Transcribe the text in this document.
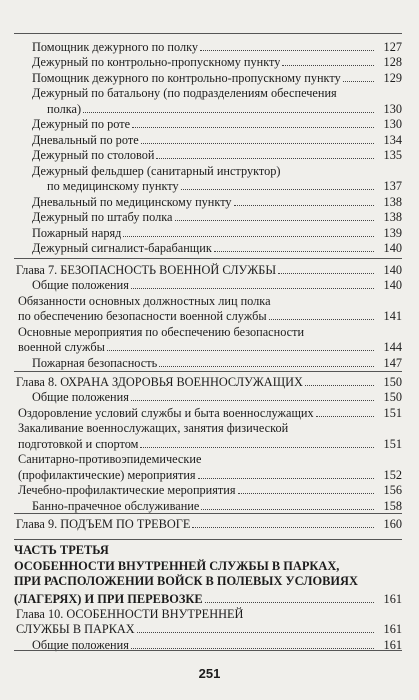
Помощник дежурного по полку	127
Дежурный по контрольно-пропускному пункту	128
Помощник дежурного по контрольно-пропускному пункту	129
Дежурный по батальону (по подразделениям обеспечения
полка)	130
Дежурный по роте	130
Дневальный по роте	134
Дежурный по столовой	135
Дежурный фельдшер (санитарный инструктор)
по медицинскому пункту	137
Дневальный по медицинскому пункту	138
Дежурный по штабу полка	138
Пожарный наряд	139
Дежурный сигналист-барабанщик	140
Глава 7. БЕЗОПАСНОСТЬ ВОЕННОЙ СЛУЖБЫ	140
Общие положения	140
Обязанности основных должностных лиц полка
по обеспечению безопасности военной службы	141
Основные мероприятия по обеспечению безопасности
военной службы	144
Пожарная безопасность	147
Глава 8. ОХРАНА ЗДОРОВЬЯ ВОЕННОСЛУЖАЩИХ	150
Общие положения	150
Оздоровление условий службы и быта военнослужащих	151
Закаливание военнослужащих, занятия физической
подготовкой и спортом	151
Санитарно-противоэпидемические
(профилактические) мероприятия	152
Лечебно-профилактические мероприятия	156
Банно-прачечное обслуживание	158
Глава 9. ПОДЪЕМ ПО ТРЕВОГЕ	160
ЧАСТЬ ТРЕТЬЯ
ОСОБЕННОСТИ ВНУТРЕННЕЙ СЛУЖБЫ В ПАРКАХ,
ПРИ РАСПОЛОЖЕНИИ ВОЙСК В ПОЛЕВЫХ УСЛОВИЯХ
(ЛАГЕРЯХ) И ПРИ ПЕРЕВОЗКЕ	161
Глава 10. ОСОБЕННОСТИ ВНУТРЕННЕЙ
СЛУЖБЫ В ПАРКАХ	161
Общие положения	161
251
